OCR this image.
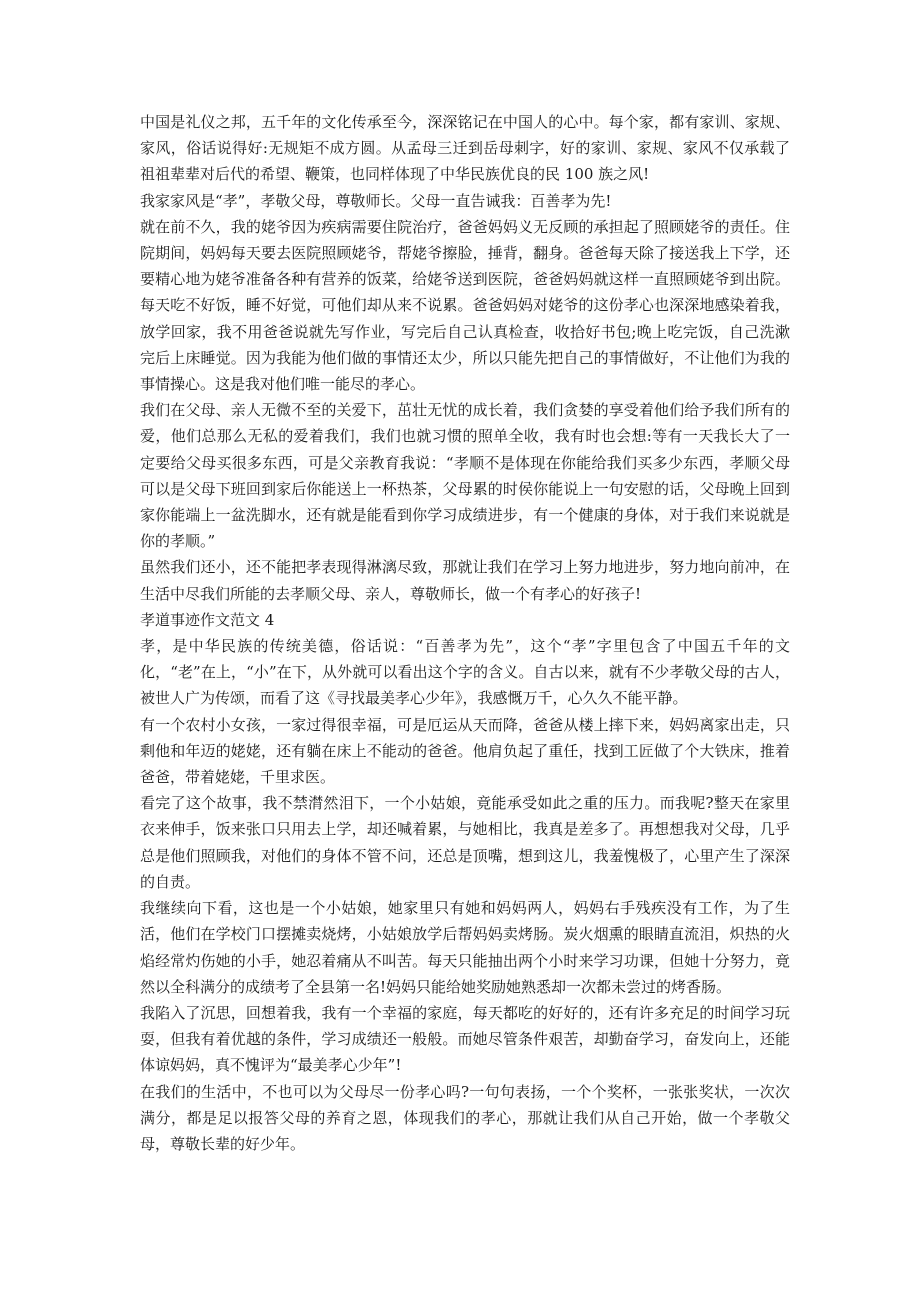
中国是礼仪之邦，五千年的文化传承至今，深深铭记在中国人的心中。每个家，都有家训、家规、家风，俗话说得好:无规矩不成方圆。从孟母三迁到岳母刺字，好的家训、家规、家风不仅承载了祖祖辈辈对后代的希望、鞭策，也同样体现了中华民族优良的民 100 族之风!

我家家风是“孝”，孝敬父母，尊敬师长。父母一直告诫我：百善孝为先!

就在前不久，我的姥爷因为疾病需要住院治疗，爸爸妈妈义无反顾的承担起了照顾姥爷的责任。住院期间，妈妈每天要去医院照顾姥爷，帮姥爷擦脸，捶背，翻身。爸爸每天除了接送我上下学，还要精心地为姥爷准备各种有营养的饭菜，给姥爷送到医院，爸爸妈妈就这样一直照顾姥爷到出院。每天吃不好饭，睡不好觉，可他们却从来不说累。爸爸妈妈对姥爷的这份孝心也深深地感染着我，放学回家，我不用爸爸说就先写作业，写完后自己认真检查，收拾好书包;晚上吃完饭，自己洗漱完后上床睡觉。因为我能为他们做的事情还太少，所以只能先把自己的事情做好，不让他们为我的事情操心。这是我对他们唯一能尽的孝心。

我们在父母、亲人无微不至的关爱下，茁壮无忧的成长着，我们贪婪的享受着他们给予我们所有的爱，他们总那么无私的爱着我们，我们也就习惯的照单全收，我有时也会想:等有一天我长大了一定要给父母买很多东西，可是父亲教育我说：“孝顺不是体现在你能给我们买多少东西，孝顺父母可以是父母下班回到家后你能送上一杯热茶，父母累的时侯你能说上一句安慰的话，父母晚上回到家你能端上一盆洗脚水，还有就是能看到你学习成绩进步，有一个健康的身体，对于我们来说就是你的孝顺。”

虽然我们还小，还不能把孝表现得淋漓尽致，那就让我们在学习上努力地进步，努力地向前冲，在生活中尽我们所能的去孝顺父母、亲人，尊敬师长，做一个有孝心的好孩子!

孝道事迹作文范文 4

孝，是中华民族的传统美德，俗话说：“百善孝为先”，这个“孝”字里包含了中国五千年的文化，“老”在上，“小”在下，从外就可以看出这个字的含义。自古以来，就有不少孝敬父母的古人，被世人广为传颂，而看了这《寻找最美孝心少年》，我感慨万千，心久久不能平静。

有一个农村小女孩，一家过得很幸福，可是厄运从天而降，爸爸从楼上摔下来，妈妈离家出走，只剩他和年迈的姥姥，还有躺在床上不能动的爸爸。他肩负起了重任，找到工匠做了个大铁床，推着爸爸，带着姥姥，千里求医。

看完了这个故事，我不禁潸然泪下，一个小姑娘，竟能承受如此之重的压力。而我呢?整天在家里衣来伸手，饭来张口只用去上学，却还喊着累，与她相比，我真是差多了。再想想我对父母，几乎总是他们照顾我，对他们的身体不管不问，还总是顶嘴，想到这儿，我羞愧极了，心里产生了深深的自责。

我继续向下看，这也是一个小姑娘，她家里只有她和妈妈两人，妈妈右手残疾没有工作，为了生活，他们在学校门口摆摊卖烧烤，小姑娘放学后帮妈妈卖烤肠。炭火烟熏的眼睛直流泪，炽热的火焰经常灼伤她的小手，她忍着痛从不叫苦。每天只能抽出两个小时来学习功课，但她十分努力，竟然以全科满分的成绩考了全县第一名!妈妈只能给她奖励她熟悉却一次都未尝过的烤香肠。

我陷入了沉思，回想着我，我有一个幸福的家庭，每天都吃的好好的，还有许多充足的时间学习玩耍，但我有着优越的条件，学习成绩还一般般。而她尽管条件艰苦，却勤奋学习，奋发向上，还能体谅妈妈，真不愧评为“最美孝心少年”!

在我们的生活中，不也可以为父母尽一份孝心吗?一句句表扬，一个个奖杯，一张张奖状，一次次满分，都是足以报答父母的养育之恩，体现我们的孝心，那就让我们从自己开始，做一个孝敬父母，尊敬长辈的好少年。
